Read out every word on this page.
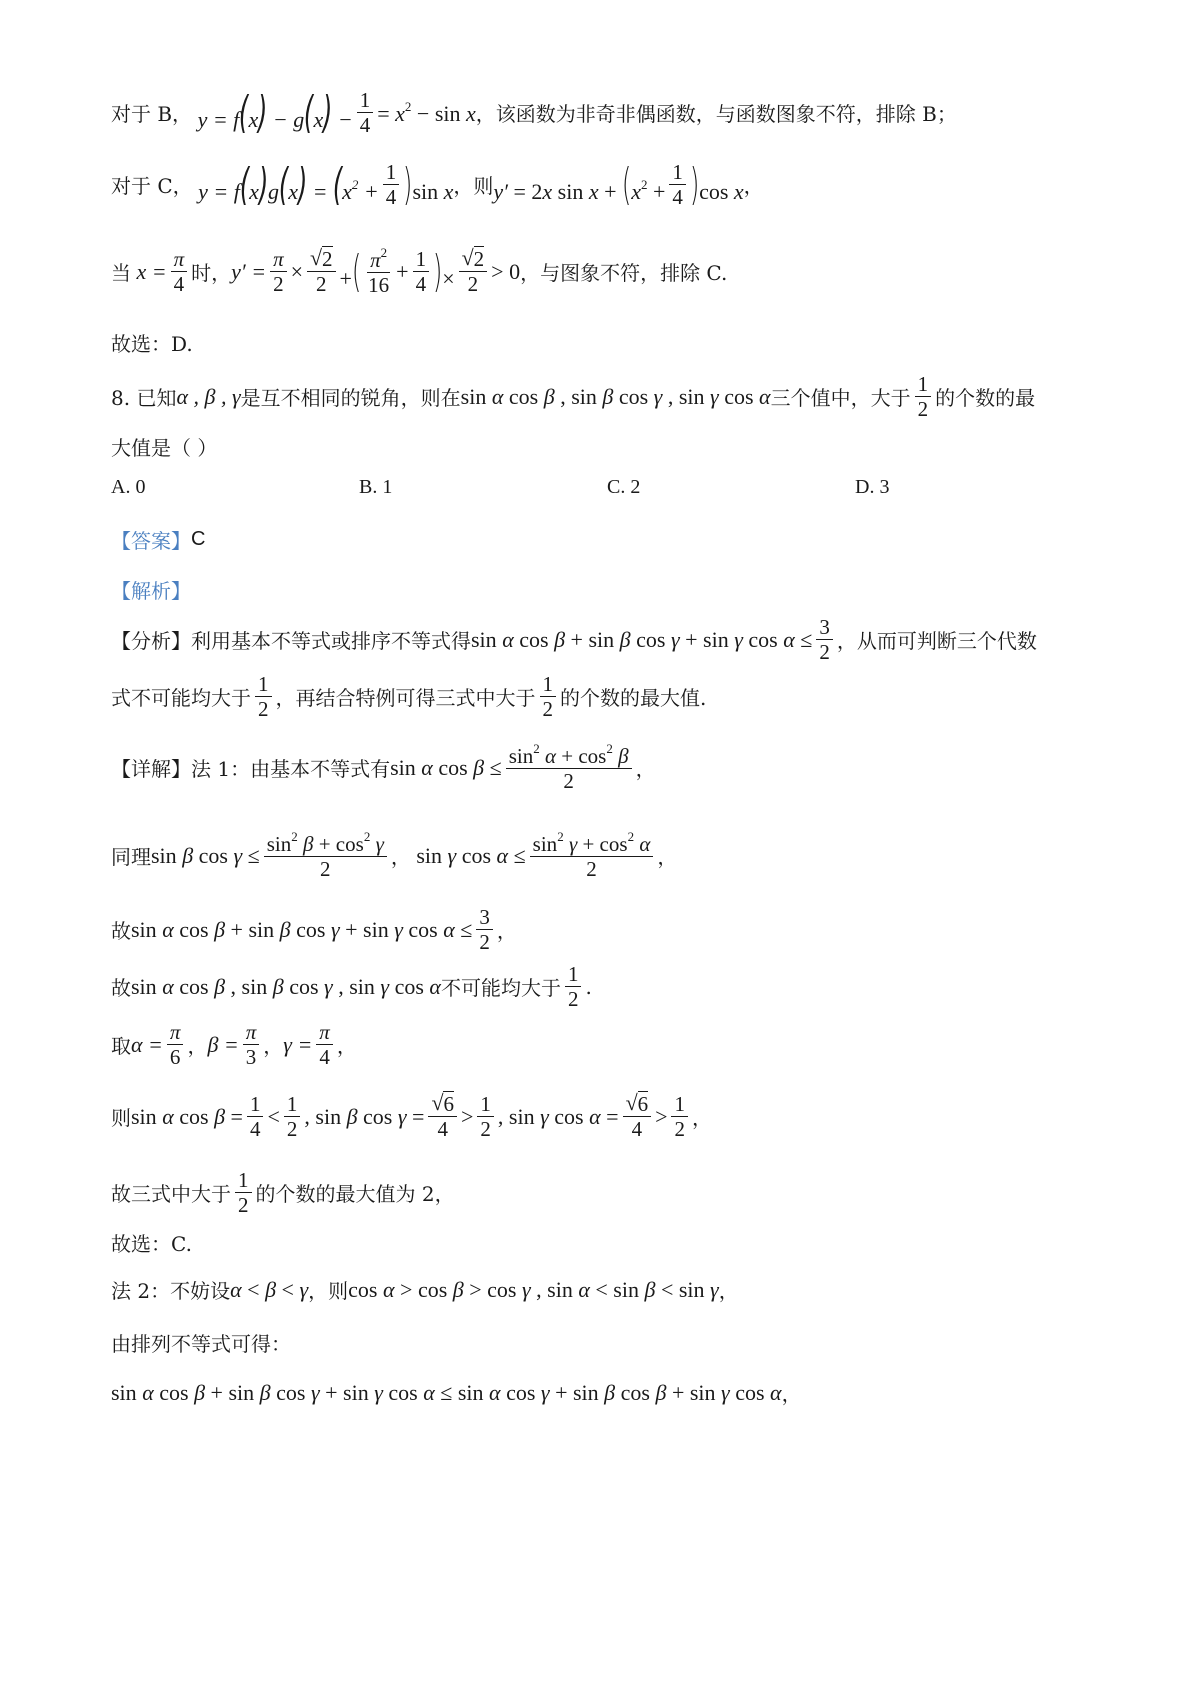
对于 B， $y = f(x) - g(x) - \frac{1}{4} = x^2 - \sin x$ ，该函数为非奇非偶函数，与函数图象不符，排除 B；
对于 C， $y = f(x)g(x) = (x^2 + \frac{1}{4} )\sin$ x ，则 y′ = 2x $\sin x + (x^2 + \frac{1}{4} )\cos$ x ，
当 $x = \frac{\pi}{4}$ 时， $y' = \frac{\pi}{2}$ × √ $\frac{2}{2}$ +( $\frac{\pi^2}{16} + \frac{1}{4}$ )× √ $\frac{2}{2} > 0$ ，与图象不符，排除 C.
故选：D.
8. 已知 α , β , γ 是互不相同的锐角，则在 sin α cos β , sin β cos γ , sin γ cos α 三个值中，大于 $\frac{1}{2}$ 的个数的最
大值是（ ）
A. 0	B. 1	C. 2	D. 3
【答案】 C
【解析】
【分析】利用基本不等式或排序不等式得 sin α cos β + sin β cos γ + sin γ $\cos \alpha \le \frac{3}{2}$ ，从而可判断三个代数
式不可能均大于 $\frac{1}{2}$ ，再结合特例可得三式中大于 $\frac{1}{2}$ 的个数的最大值.
【详解】法 1：由基本不等式有 sin α $\cos \beta \le \frac{\sin^2 \alpha + \cos^2 \beta}{2}$ ，
同理 sin β $\cos \gamma \le \frac{\sin^2 \beta + \cos^2 \gamma}{2}$ ， sin γ $\cos \alpha \le \frac{\sin^2 \gamma + \cos^2 \alpha}{2}$ ，
故 sin α cos β + sin β cos γ + sin γ $\cos \alpha \le \frac{3}{2}$ ，
故 sin α cos β , sin β cos γ , sin γ cos α 不可能均大于 $\frac{1}{2}$ .
取 $\alpha = \frac{\pi}{6}$ ， $\beta = \frac{\pi}{3}$ ， $\gamma = \frac{\pi}{4}$ ，
则 sin α $\cos \beta = \frac{1}{4} < \frac{1}{2}$ , sin β cos γ = √ $\frac{6}{4} > \frac{1}{2}$ , sin γ cos α = √ $\frac{6}{4} > \frac{1}{2}$ ，
故三式中大于 $\frac{1}{2}$ 的个数的最大值为 2，
故选：C.
法 2：不妨设 α < β < γ ，则 cos α > cos β > cos γ , sin α < sin β < sin γ ，
由排列不等式可得：
sin α cos β + sin β cos γ + sin γ cos α ≤ sin α cos γ + sin β cos β + sin γ cos α ，
